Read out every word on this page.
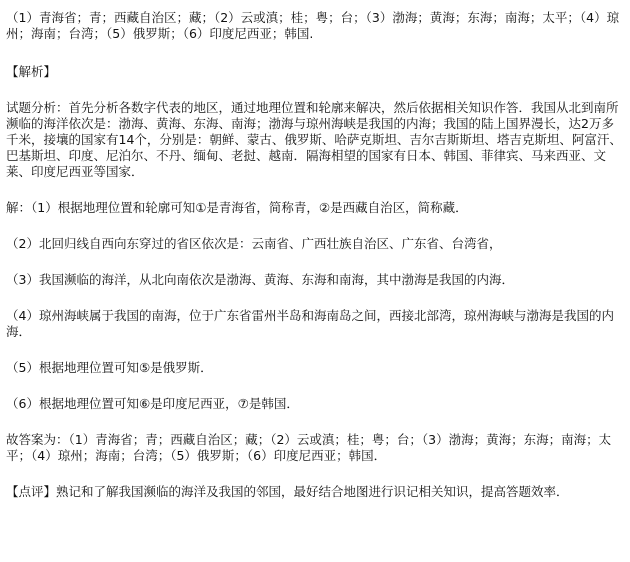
（1）青海省；青；西藏自治区；藏；（2）云或滇；桂；粤；台；（3）渤海；黄海；东海；南海；太平；（4）琼州；海南；台湾；（5）俄罗斯；（6）印度尼西亚；韩国.

【解析】

试题分析：首先分析各数字代表的地区，通过地理位置和轮廓来解决，然后依据相关知识作答．我国从北到南所濒临的海洋依次是：渤海、黄海、东海、南海；渤海与琼州海峡是我国的内海；我国的陆上国界漫长，达2万多千米，接壤的国家有14个，分别是：朝鲜、蒙古、俄罗斯、哈萨克斯坦、吉尔吉斯斯坦、塔吉克斯坦、阿富汗、巴基斯坦、印度、尼泊尔、不丹、缅甸、老挝、越南．隔海相望的国家有日本、韩国、菲律宾、马来西亚、文莱、印度尼西亚等国家．

解：（1）根据地理位置和轮廓可知①是青海省，简称青，②是西藏自治区，简称藏．

（2）北回归线自西向东穿过的省区依次是：云南省、广西壮族自治区、广东省、台湾省，

（3）我国濒临的海洋，从北向南依次是渤海、黄海、东海和南海，其中渤海是我国的内海．

（4）琼州海峡属于我国的南海，位于广东省雷州半岛和海南岛之间，西接北部湾，琼州海峡与渤海是我国的内海．

（5）根据地理位置可知⑤是俄罗斯．

（6）根据地理位置可知⑥是印度尼西亚，⑦是韩国．

故答案为：（1）青海省；青；西藏自治区；藏；（2）云或滇；桂；粤；台；（3）渤海；黄海；东海；南海；太平；（4）琼州；海南；台湾；（5）俄罗斯；（6）印度尼西亚；韩国．

【点评】熟记和了解我国濒临的海洋及我国的邻国，最好结合地图进行识记相关知识，提高答题效率．
